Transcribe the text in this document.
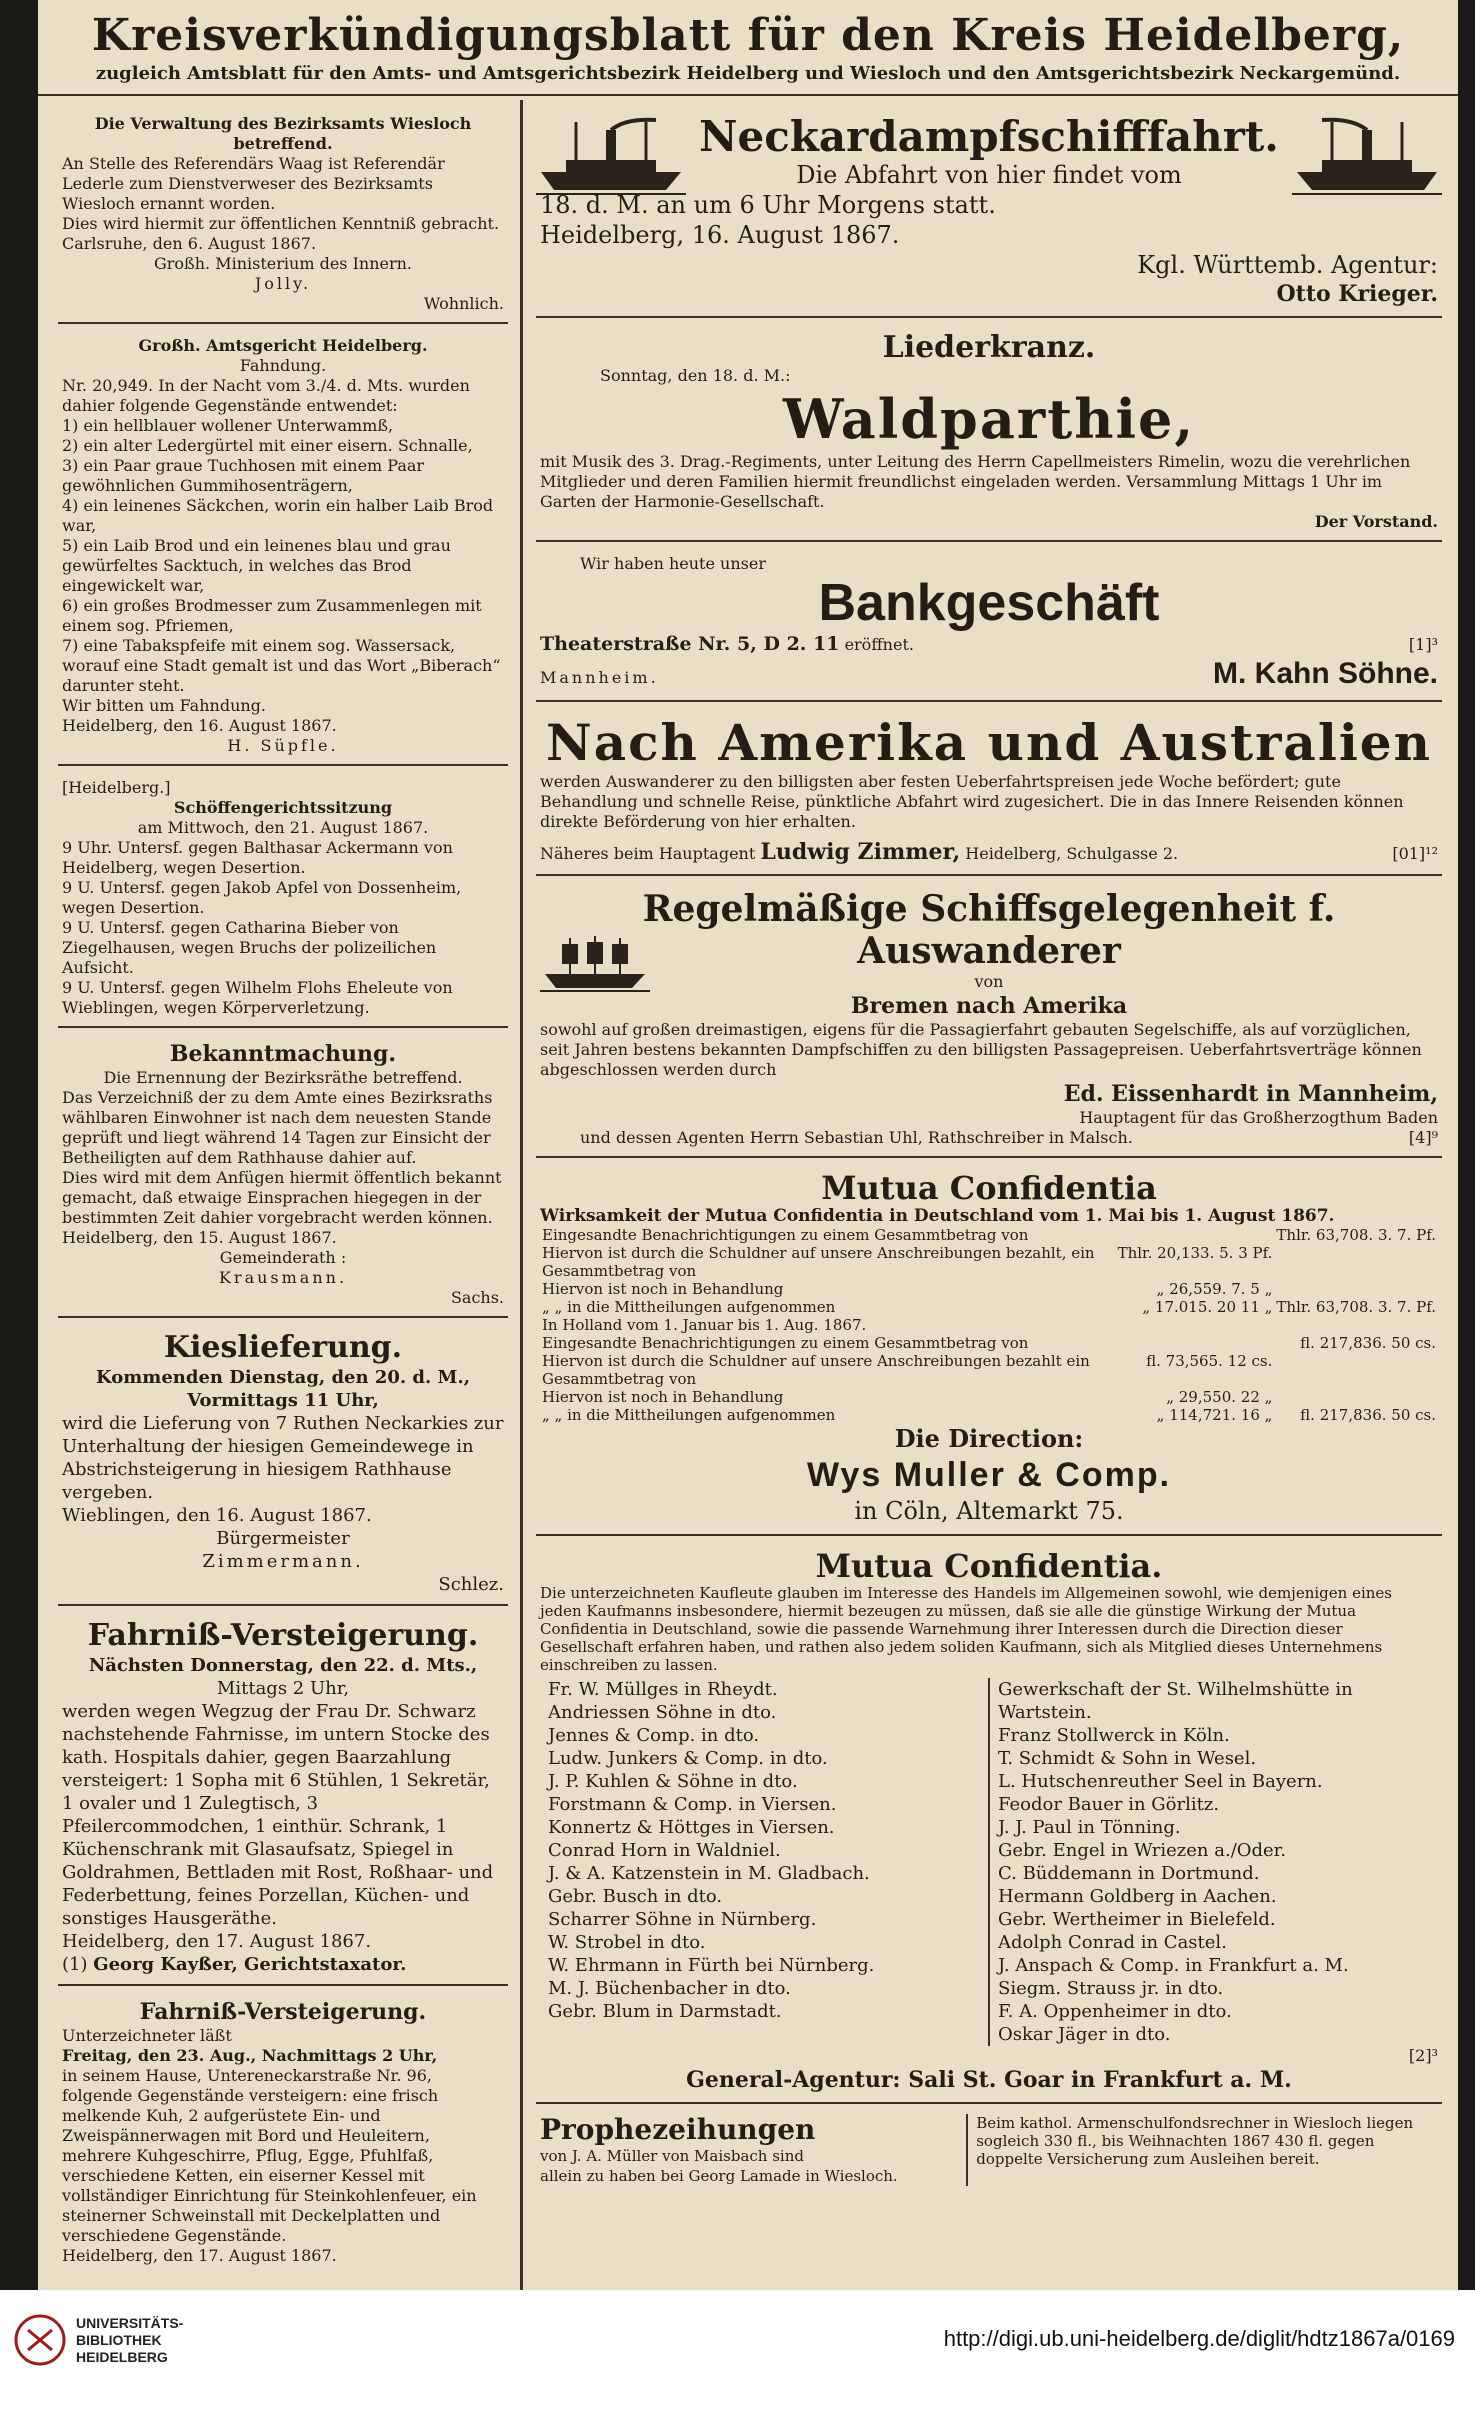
Kreisverkündigungsblatt für den Kreis Heidelberg,
zugleich Amtsblatt für den Amts- und Amtsgerichtsbezirk Heidelberg und Wiesloch und den Amtsgerichtsbezirk Neckargemünd.

Die Verwaltung des Bezirksamts Wiesloch betreffend.

An Stelle des Referendärs Waag ist Referendär Lederle zum Dienstverweser des Bezirksamts Wiesloch ernannt worden.

Dies wird hiermit zur öffentlichen Kenntniß gebracht.

Carlsruhe, den 6. August 1867.

Großh. Ministerium des Innern.

Jolly.

Wohnlich.

Großh. Amtsgericht Heidelberg.

Fahndung.

Nr. 20,949. In der Nacht vom 3./4. d. Mts. wurden dahier folgende Gegenstände entwendet:

1) ein hellblauer wollener Unterwammß,

2) ein alter Ledergürtel mit einer eisern. Schnalle,

3) ein Paar graue Tuchhosen mit einem Paar gewöhnlichen Gummihosenträgern,

4) ein leinenes Säckchen, worin ein halber Laib Brod war,

5) ein Laib Brod und ein leinenes blau und grau gewürfeltes Sacktuch, in welches das Brod eingewickelt war,

6) ein großes Brodmesser zum Zusammenlegen mit einem sog. Pfriemen,

7) eine Tabakspfeife mit einem sog. Wassersack, worauf eine Stadt gemalt ist und das Wort „Biberach“ darunter steht.

Wir bitten um Fahndung.

Heidelberg, den 16. August 1867.

H. Süpfle.

[Heidelberg.]

Schöffengerichtssitzung

am Mittwoch, den 21. August 1867.

9 Uhr. Untersf. gegen Balthasar Ackermann von Heidelberg, wegen Desertion.

9 U. Untersf. gegen Jakob Apfel von Dossenheim, wegen Desertion.

9 U. Untersf. gegen Catharina Bieber von Ziegelhausen, wegen Bruchs der polizeilichen Aufsicht.

9 U. Untersf. gegen Wilhelm Flohs Eheleute von Wieblingen, wegen Körperverletzung.

Bekanntmachung.

Die Ernennung der Bezirksräthe betreffend.

Das Verzeichniß der zu dem Amte eines Bezirksraths wählbaren Einwohner ist nach dem neuesten Stande geprüft und liegt während 14 Tagen zur Einsicht der Betheiligten auf dem Rathhause dahier auf.

Dies wird mit dem Anfügen hiermit öffentlich bekannt gemacht, daß etwaige Einsprachen hiegegen in der bestimmten Zeit dahier vorgebracht werden können.

Heidelberg, den 15. August 1867.

Gemeinderath :

Krausmann.

Sachs.

Kieslieferung.

Kommenden Dienstag, den 20. d. M.,

Vormittags 11 Uhr,

wird die Lieferung von 7 Ruthen Neckarkies zur Unterhaltung der hiesigen Gemeindewege in Abstrichsteigerung in hiesigem Rathhause vergeben.

Wieblingen, den 16. August 1867.

Bürgermeister

Zimmermann.

Schlez.

Fahrniß-Versteigerung.

Nächsten Donnerstag, den 22. d. Mts.,

Mittags 2 Uhr,

werden wegen Wegzug der Frau Dr. Schwarz nachstehende Fahrnisse, im untern Stocke des kath. Hospitals dahier, gegen Baarzahlung versteigert: 1 Sopha mit 6 Stühlen, 1 Sekretär, 1 ovaler und 1 Zulegtisch, 3 Pfeilercommodchen, 1 einthür. Schrank, 1 Küchenschrank mit Glasaufsatz, Spiegel in Goldrahmen, Bettladen mit Rost, Roßhaar- und Federbettung, feines Porzellan, Küchen- und sonstiges Hausgeräthe.

Heidelberg, den 17. August 1867.

(1) Georg Kayßer, Gerichtstaxator.

Fahrniß-Versteigerung.

Unterzeichneter läßt

Freitag, den 23. Aug., Nachmittags 2 Uhr,

in seinem Hause, Untereneckarstraße Nr. 96, folgende Gegenstände versteigern: eine frisch melkende Kuh, 2 aufgerüstete Ein- und Zweispännerwagen mit Bord und Heuleitern, mehrere Kuhgeschirre, Pflug, Egge, Pfuhlfaß, verschiedene Ketten, ein eiserner Kessel mit vollständiger Einrichtung für Steinkohlenfeuer, ein steinerner Schweinstall mit Deckelplatten und verschiedene Gegenstände.

Heidelberg, den 17. August 1867.

Neckardampfschifffahrt.

Die Abfahrt von hier findet vom

18. d. M. an um 6 Uhr Morgens statt.

Heidelberg, 16. August 1867.

Kgl. Württemb. Agentur:

Otto Krieger.

Liederkranz.

Sonntag, den 18. d. M.:

Waldparthie,

mit Musik des 3. Drag.-Regiments, unter Leitung des Herrn Capellmeisters Rimelin, wozu die verehrlichen Mitglieder und deren Familien hiermit freundlichst eingeladen werden. Versammlung Mittags 1 Uhr im Garten der Harmonie-Gesellschaft.

Der Vorstand.

Wir haben heute unser

Bankgeschäft

Theaterstraße Nr. 5, D 2. 11 eröffnet.	[1]³
Mannheim.	M. Kahn Söhne.

Nach Amerika und Australien

werden Auswanderer zu den billigsten aber festen Ueberfahrtspreisen jede Woche befördert; gute Behandlung und schnelle Reise, pünktliche Abfahrt wird zugesichert. Die in das Innere Reisenden können direkte Beförderung von hier erhalten.

Näheres beim Hauptagent Ludwig Zimmer, Heidelberg, Schulgasse 2.	[01]¹²

Regelmäßige Schiffsgelegenheit f. Auswanderer

von

Bremen nach Amerika

sowohl auf großen dreimastigen, eigens für die Passagierfahrt gebauten Segelschiffe, als auf vorzüglichen, seit Jahren bestens bekannten Dampfschiffen zu den billigsten Passagepreisen. Ueberfahrtsverträge können abgeschlossen werden durch

Ed. Eissenhardt in Mannheim,

Hauptagent für das Großherzogthum Baden

und dessen Agenten Herrn Sebastian Uhl, Rathschreiber in Malsch.	[4]⁹

Mutua Confidentia

Wirksamkeit der Mutua Confidentia in Deutschland vom 1. Mai bis 1. August 1867.

Eingesandte Benachrichtigungen zu einem Gesammtbetrag von		Thlr. 63,708. 3. 7. Pf.
Hiervon ist durch die Schuldner auf unsere Anschreibungen bezahlt, ein Gesammtbetrag von	Thlr. 20,133. 5. 3 Pf.	
Hiervon ist noch in Behandlung	„ 26,559. 7. 5 „	
„ „ in die Mittheilungen aufgenommen	„ 17.015. 20 11 „	Thlr. 63,708. 3. 7. Pf.
In Holland vom 1. Januar bis 1. Aug. 1867.		
Eingesandte Benachrichtigungen zu einem Gesammtbetrag von		fl. 217,836. 50 cs.
Hiervon ist durch die Schuldner auf unsere Anschreibungen bezahlt ein Gesammtbetrag von	fl. 73,565. 12 cs.	
Hiervon ist noch in Behandlung	„ 29,550. 22 „	
„ „ in die Mittheilungen aufgenommen	„ 114,721. 16 „	fl. 217,836. 50 cs.

Die Direction:

Wys Muller & Comp.

in Cöln, Altemarkt 75.

Mutua Confidentia.

Die unterzeichneten Kaufleute glauben im Interesse des Handels im Allgemeinen sowohl, wie demjenigen eines jeden Kaufmanns insbesondere, hiermit bezeugen zu müssen, daß sie alle die günstige Wirkung der Mutua Confidentia in Deutschland, sowie die passende Warnehmung ihrer Interessen durch die Direction dieser Gesellschaft erfahren haben, und rathen also jedem soliden Kaufmann, sich als Mitglied dieses Unternehmens einschreiben zu lassen.

Fr. W. Müllges in Rheydt.

Andriessen Söhne in dto.

Jennes & Comp. in dto.

Ludw. Junkers & Comp. in dto.

J. P. Kuhlen & Söhne in dto.

Forstmann & Comp. in Viersen.

Konnertz & Höttges in Viersen.

Conrad Horn in Waldniel.

J. & A. Katzenstein in M. Gladbach.

Gebr. Busch in dto.

Scharrer Söhne in Nürnberg.

W. Strobel in dto.

W. Ehrmann in Fürth bei Nürnberg.

M. J. Büchenbacher in dto.

Gebr. Blum in Darmstadt.

Gewerkschaft der St. Wilhelmshütte in Wartstein.

Franz Stollwerck in Köln.

T. Schmidt & Sohn in Wesel.

L. Hutschenreuther Seel in Bayern.

Feodor Bauer in Görlitz.

J. J. Paul in Tönning.

Gebr. Engel in Wriezen a./Oder.

C. Büddemann in Dortmund.

Hermann Goldberg in Aachen.

Gebr. Wertheimer in Bielefeld.

Adolph Conrad in Castel.

J. Anspach & Comp. in Frankfurt a. M.

Siegm. Strauss jr. in dto.

F. A. Oppenheimer in dto.

Oskar Jäger in dto.

[2]³

General-Agentur: Sali St. Goar in Frankfurt a. M.

Prophezeihungen

von J. A. Müller von Maisbach sind

allein zu haben bei Georg Lamade in Wiesloch.

Beim kathol. Armenschulfondsrechner in Wiesloch liegen sogleich 330 fl., bis Weihnachten 1867 430 fl. gegen doppelte Versicherung zum Ausleihen bereit.

UNIVERSITÄTS-
BIBLIOTHEK
HEIDELBERG
http://digi.ub.uni-heidelberg.de/diglit/hdtz1867a/0169
